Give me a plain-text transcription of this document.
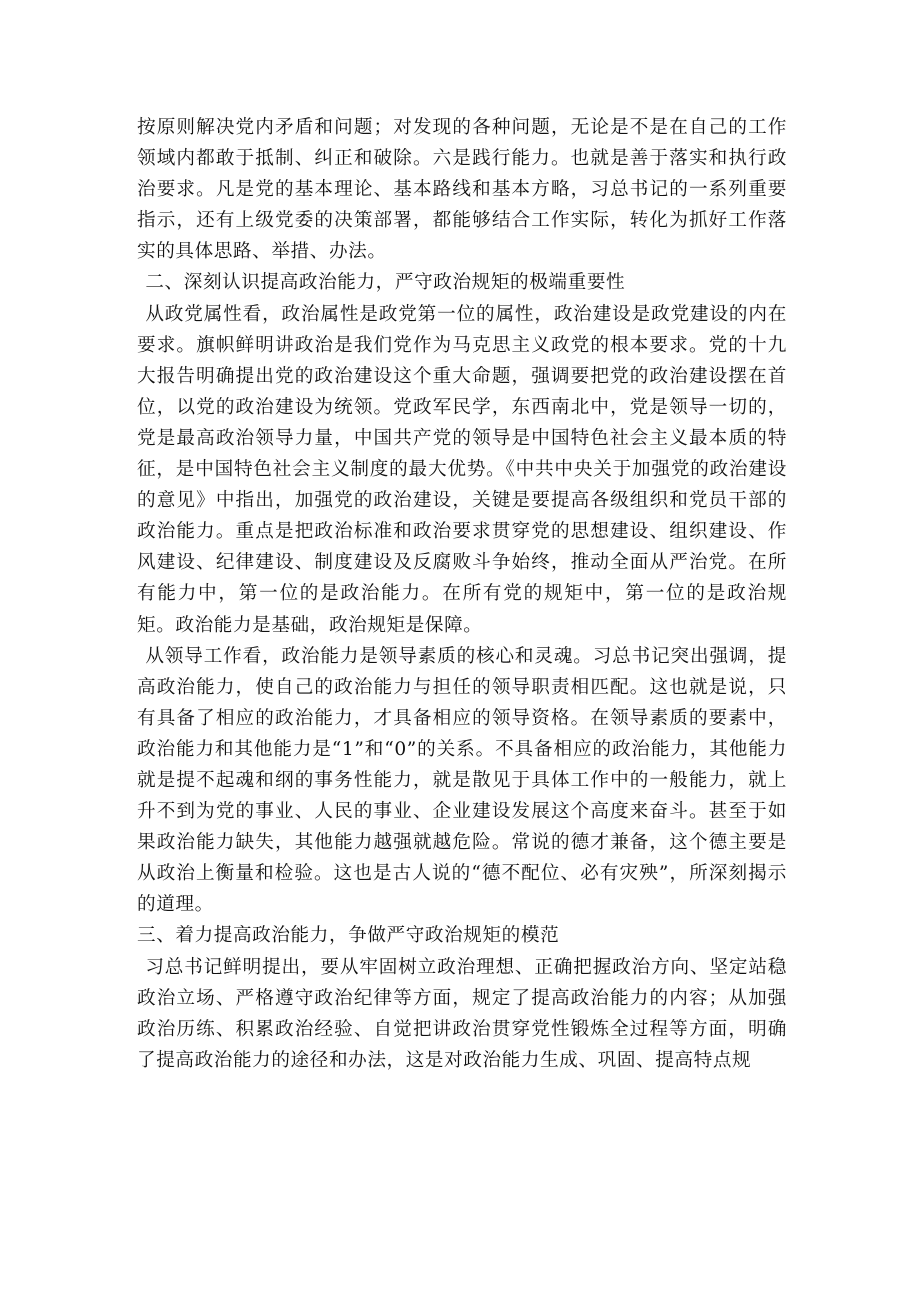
按原则解决党内矛盾和问题；对发现的各种问题，无论是不是在自己的工作领域内都敢于抵制、纠正和破除。六是践行能力。也就是善于落实和执行政治要求。凡是党的基本理论、基本路线和基本方略，习总书记的一系列重要指示，还有上级党委的决策部署，都能够结合工作实际，转化为抓好工作落实的具体思路、举措、办法。

二、深刻认识提高政治能力，严守政治规矩的极端重要性

从政党属性看，政治属性是政党第一位的属性，政治建设是政党建设的内在要求。旗帜鲜明讲政治是我们党作为马克思主义政党的根本要求。党的十九大报告明确提出党的政治建设这个重大命题，强调要把党的政治建设摆在首位，以党的政治建设为统领。党政军民学，东西南北中，党是领导一切的，党是最高政治领导力量，中国共产党的领导是中国特色社会主义最本质的特征，是中国特色社会主义制度的最大优势。《中共中央关于加强党的政治建设的意见》中指出，加强党的政治建设，关键是要提高各级组织和党员干部的政治能力。重点是把政治标准和政治要求贯穿党的思想建设、组织建设、作风建设、纪律建设、制度建设及反腐败斗争始终，推动全面从严治党。在所有能力中，第一位的是政治能力。在所有党的规矩中，第一位的是政治规矩。政治能力是基础，政治规矩是保障。

从领导工作看，政治能力是领导素质的核心和灵魂。习总书记突出强调，提高政治能力，使自己的政治能力与担任的领导职责相匹配。这也就是说，只有具备了相应的政治能力，才具备相应的领导资格。在领导素质的要素中，政治能力和其他能力是“1”和“0”的关系。不具备相应的政治能力，其他能力就是提不起魂和纲的事务性能力，就是散见于具体工作中的一般能力，就上升不到为党的事业、人民的事业、企业建设发展这个高度来奋斗。甚至于如果政治能力缺失，其他能力越强就越危险。常说的德才兼备，这个德主要是从政治上衡量和检验。这也是古人说的“德不配位、必有灾殃”，所深刻揭示的道理。

三、着力提高政治能力，争做严守政治规矩的模范

习总书记鲜明提出，要从牢固树立政治理想、正确把握政治方向、坚定站稳政治立场、严格遵守政治纪律等方面，规定了提高政治能力的内容；从加强政治历练、积累政治经验、自觉把讲政治贯穿党性锻炼全过程等方面，明确了提高政治能力的途径和办法，这是对政治能力生成、巩固、提高特点规
